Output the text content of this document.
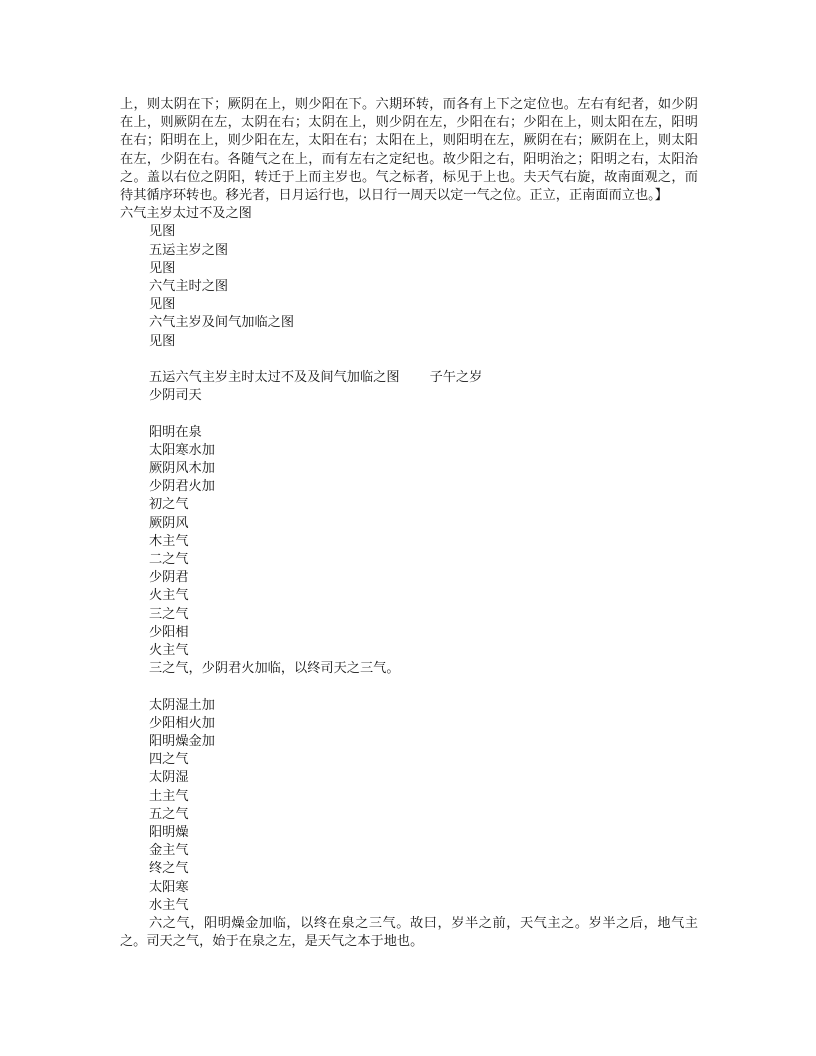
上，则太阴在下；厥阴在上，则少阳在下。六期环转，而各有上下之定位也。左右有纪者，如少阴在上，则厥阴在左，太阴在右；太阴在上，则少阴在左，少阳在右；少阳在上，则太阳在左，阳明在右；阳明在上，则少阳在左，太阳在右；太阳在上，则阳明在左，厥阴在右；厥阴在上，则太阳在左，少阴在右。各随气之在上，而有左右之定纪也。故少阳之右，阳明治之；阳明之右，太阳治之。盖以右位之阴阳，转迁于上而主岁也。气之标者，标见于上也。夫天气右旋，故南面观之，而待其循序环转也。移光者，日月运行也，以日行一周天以定一气之位。正立，正南面而立也。】六气主岁太过不及之图

见图

五运主岁之图

见图

六气主时之图

见图

六气主岁及间气加临之图

见图

五运六气主岁主时太过不及及间气加临之图 子午之岁

少阴司天

阳明在泉

太阳寒水加

厥阴风木加

少阴君火加

初之气

厥阴风

木主气

二之气

少阴君

火主气

三之气

少阳相

火主气

三之气，少阴君火加临，以终司天之三气。

太阴湿土加

少阳相火加

阳明燥金加

四之气

太阴湿

土主气

五之气

阳明燥

金主气

终之气

太阳寒

水主气

六之气，阳明燥金加临，以终在泉之三气。故曰，岁半之前，天气主之。岁半之后，地气主之。司天之气，始于在泉之左，是天气之本于地也。
